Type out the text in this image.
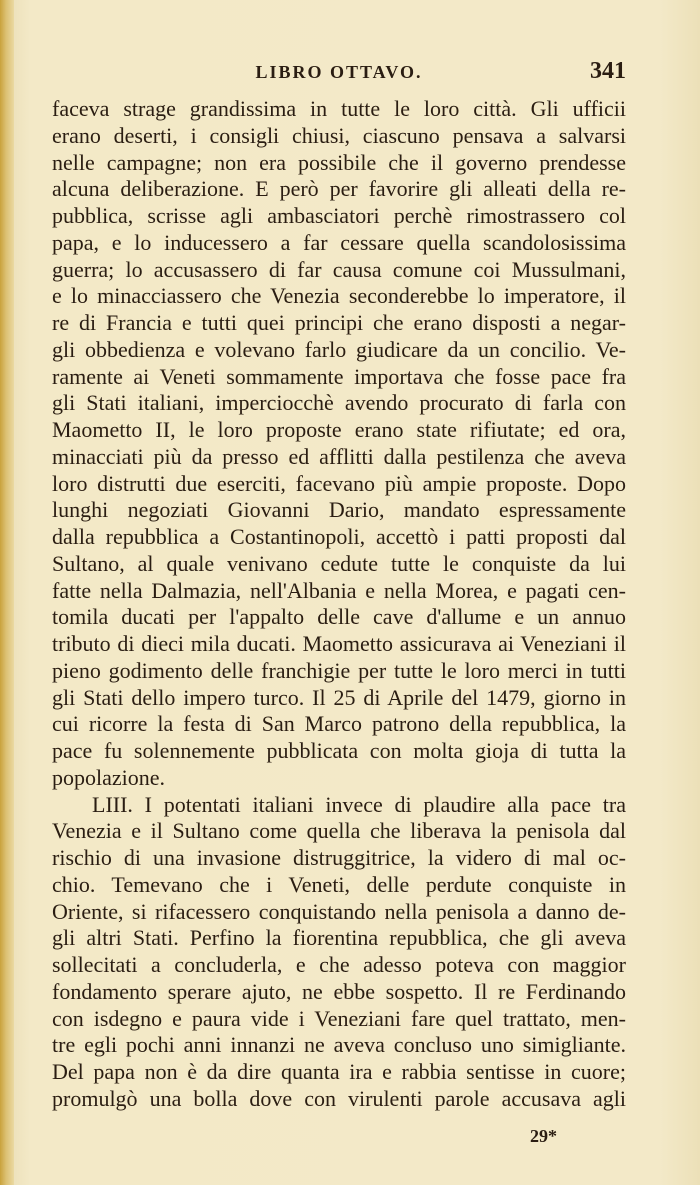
LIBRO OTTAVO.	341
faceva strage grandissima in tutte le loro città. Gli ufficii
erano deserti, i consigli chiusi, ciascuno pensava a salvarsi
nelle campagne; non era possibile che il governo prendesse
alcuna deliberazione. E però per favorire gli alleati della re-
pubblica, scrisse agli ambasciatori perchè rimostrassero col
papa, e lo inducessero a far cessare quella scandolosissima
guerra; lo accusassero di far causa comune coi Mussulmani,
e lo minacciassero che Venezia seconderebbe lo imperatore, il
re di Francia e tutti quei principi che erano disposti a negar-
gli obbedienza e volevano farlo giudicare da un concilio. Ve-
ramente ai Veneti sommamente importava che fosse pace fra
gli Stati italiani, imperciocchè avendo procurato di farla con
Maometto II, le loro proposte erano state rifiutate; ed ora,
minacciati più da presso ed afflitti dalla pestilenza che aveva
loro distrutti due eserciti, facevano più ampie proposte. Dopo
lunghi negoziati Giovanni Dario, mandato espressamente
dalla repubblica a Costantinopoli, accettò i patti proposti dal
Sultano, al quale venivano cedute tutte le conquiste da lui
fatte nella Dalmazia, nell'Albania e nella Morea, e pagati cen-
tomila ducati per l'appalto delle cave d'allume e un annuo
tributo di dieci mila ducati. Maometto assicurava ai Veneziani il
pieno godimento delle franchigie per tutte le loro merci in tutti
gli Stati dello impero turco. Il 25 di Aprile del 1479, giorno in
cui ricorre la festa di San Marco patrono della repubblica, la
pace fu solennemente pubblicata con molta gioja di tutta la
popolazione.
LIII. I potentati italiani invece di plaudire alla pace tra
Venezia e il Sultano come quella che liberava la penisola dal
rischio di una invasione distruggitrice, la videro di mal oc-
chio. Temevano che i Veneti, delle perdute conquiste in
Oriente, si rifacessero conquistando nella penisola a danno de-
gli altri Stati. Perfino la fiorentina repubblica, che gli aveva
sollecitati a concluderla, e che adesso poteva con maggior
fondamento sperare ajuto, ne ebbe sospetto. Il re Ferdinando
con isdegno e paura vide i Veneziani fare quel trattato, men-
tre egli pochi anni innanzi ne aveva concluso uno simigliante.
Del papa non è da dire quanta ira e rabbia sentisse in cuore;
promulgò una bolla dove con virulenti parole accusava agli
29*
